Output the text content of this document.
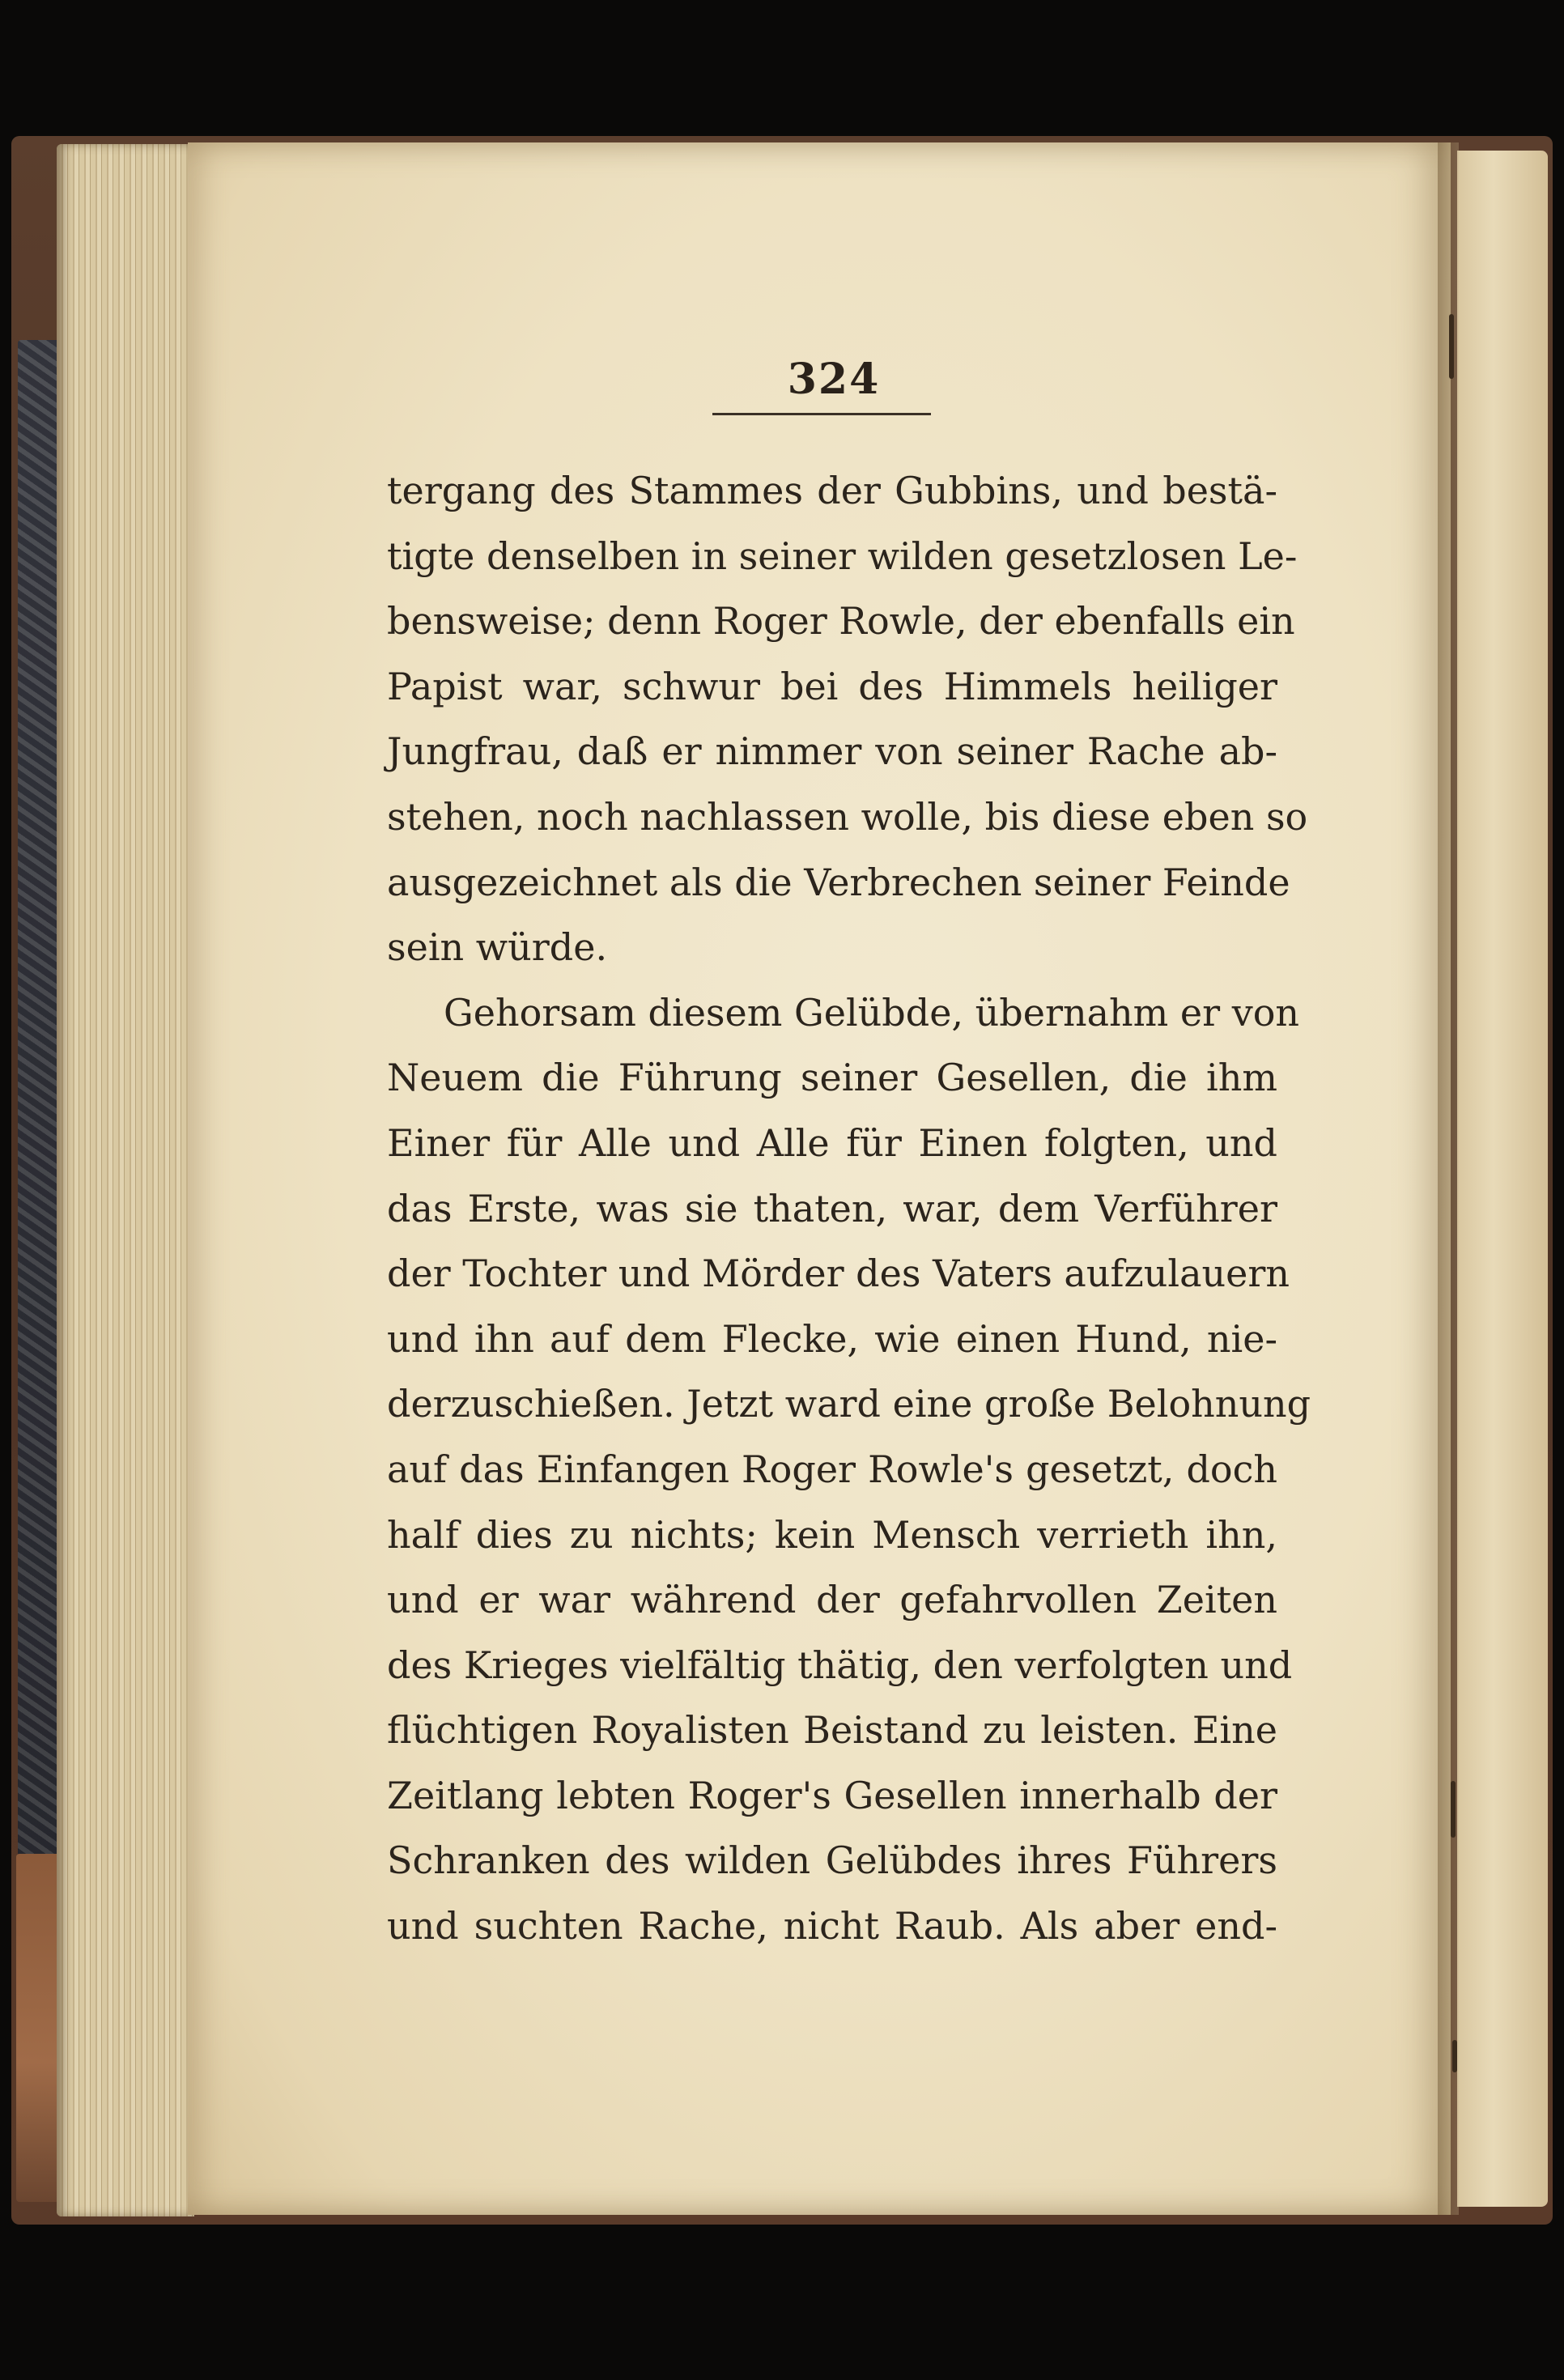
324
tergang des Stammes der Gubbins, und bestä-
tigte denselben in seiner wilden gesetzlosen Le-
bensweise; denn Roger Rowle, der ebenfalls ein
Papist war, schwur bei des Himmels heiliger
Jungfrau, daß er nimmer von seiner Rache ab-
stehen, noch nachlassen wolle, bis diese eben so
ausgezeichnet als die Verbrechen seiner Feinde
sein würde.
Gehorsam diesem Gelübde, übernahm er von
Neuem die Führung seiner Gesellen, die ihm
Einer für Alle und Alle für Einen folgten, und
das Erste, was sie thaten, war, dem Verführer
der Tochter und Mörder des Vaters aufzulauern
und ihn auf dem Flecke, wie einen Hund, nie-
derzuschießen. Jetzt ward eine große Belohnung
auf das Einfangen Roger Rowle's gesetzt, doch
half dies zu nichts; kein Mensch verrieth ihn,
und er war während der gefahrvollen Zeiten
des Krieges vielfältig thätig, den verfolgten und
flüchtigen Royalisten Beistand zu leisten. Eine
Zeitlang lebten Roger's Gesellen innerhalb der
Schranken des wilden Gelübdes ihres Führers
und suchten Rache, nicht Raub. Als aber end-
